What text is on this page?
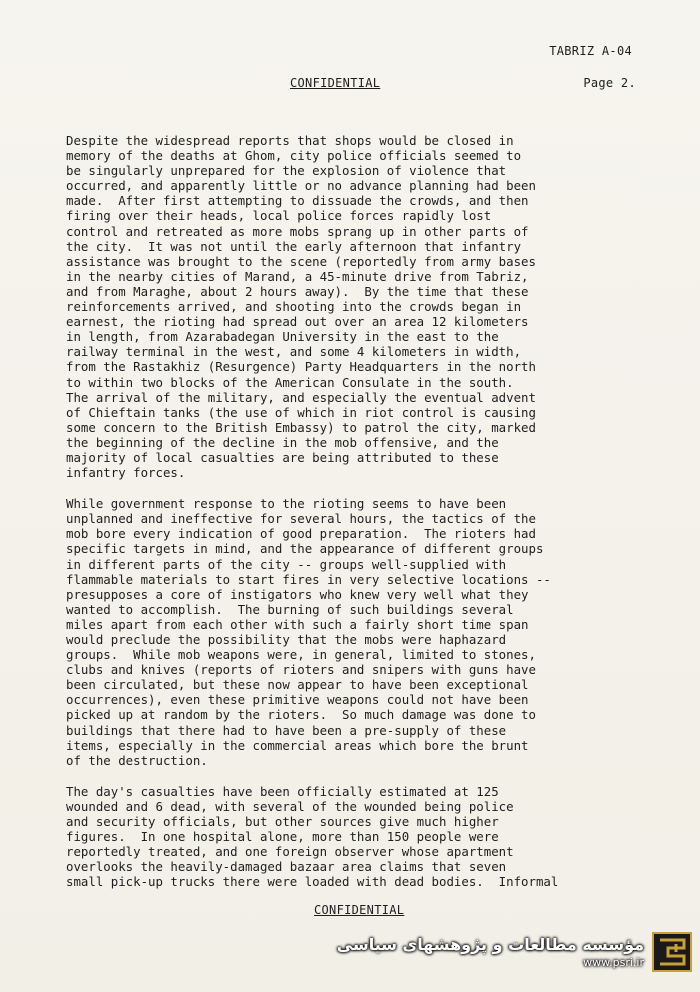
TABRIZ A-04
CONFIDENTIAL	Page 2.

Despite the widespread reports that shops would be closed in
memory of the deaths at Ghom, city police officials seemed to
be singularly unprepared for the explosion of violence that
occurred, and apparently little or no advance planning had been
made.  After first attempting to dissuade the crowds, and then
firing over their heads, local police forces rapidly lost
control and retreated as more mobs sprang up in other parts of
the city.  It was not until the early afternoon that infantry
assistance was brought to the scene (reportedly from army bases
in the nearby cities of Marand, a 45-minute drive from Tabriz,
and from Maraghe, about 2 hours away).  By the time that these
reinforcements arrived, and shooting into the crowds began in
earnest, the rioting had spread out over an area 12 kilometers
in length, from Azarabadegan University in the east to the
railway terminal in the west, and some 4 kilometers in width,
from the Rastakhiz (Resurgence) Party Headquarters in the north
to within two blocks of the American Consulate in the south.
The arrival of the military, and especially the eventual advent
of Chieftain tanks (the use of which in riot control is causing
some concern to the British Embassy) to patrol the city, marked
the beginning of the decline in the mob offensive, and the
majority of local casualties are being attributed to these
infantry forces.

While government response to the rioting seems to have been
unplanned and ineffective for several hours, the tactics of the
mob bore every indication of good preparation.  The rioters had
specific targets in mind, and the appearance of different groups
in different parts of the city -- groups well-supplied with
flammable materials to start fires in very selective locations --
presupposes a core of instigators who knew very well what they
wanted to accomplish.  The burning of such buildings several
miles apart from each other with such a fairly short time span
would preclude the possibility that the mobs were haphazard
groups.  While mob weapons were, in general, limited to stones,
clubs and knives (reports of rioters and snipers with guns have
been circulated, but these now appear to have been exceptional
occurrences), even these primitive weapons could not have been
picked up at random by the rioters.  So much damage was done to
buildings that there had to have been a pre-supply of these
items, especially in the commercial areas which bore the brunt
of the destruction.

The day's casualties have been officially estimated at 125
wounded and 6 dead, with several of the wounded being police
and security officials, but other sources give much higher
figures.  In one hospital alone, more than 150 people were
reportedly treated, and one foreign observer whose apartment
overlooks the heavily-damaged bazaar area claims that seven
small pick-up trucks there were loaded with dead bodies.  Informal

CONFIDENTIAL
مؤسسه مطالعات و پژوهشهای سیاسی
www.psri.ir
